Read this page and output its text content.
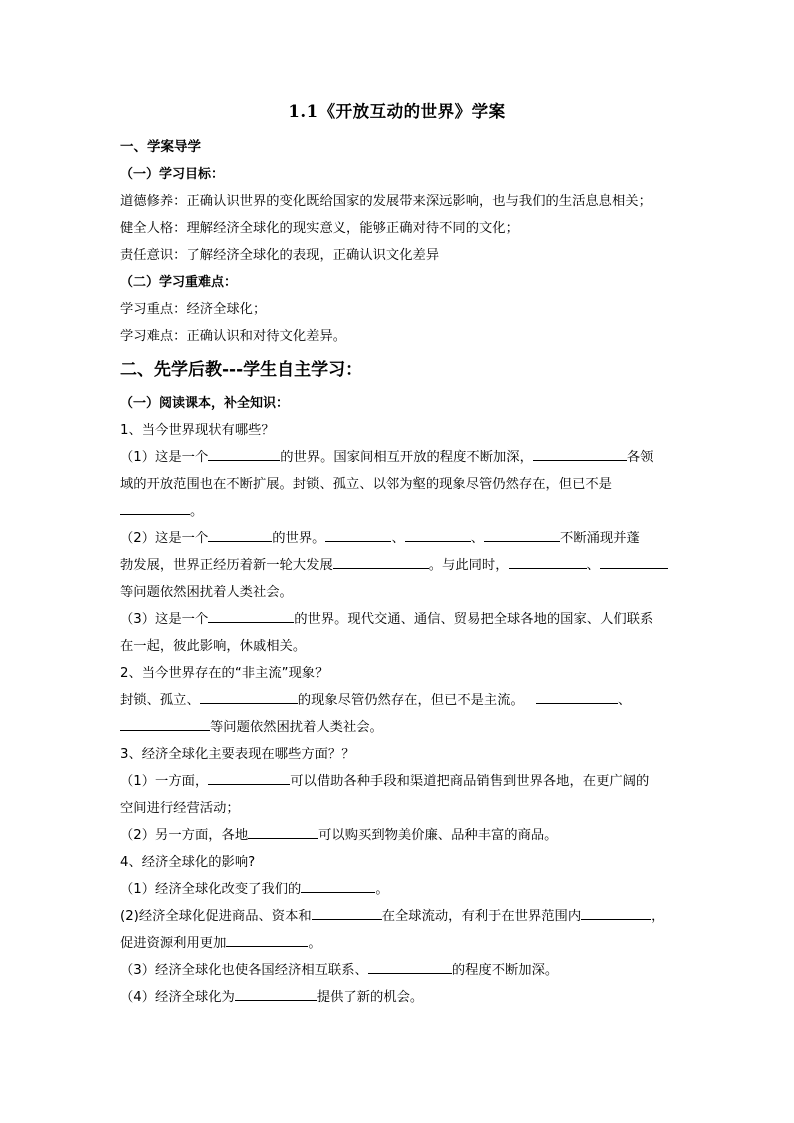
1.1《开放互动的世界》学案
一、学案导学
（一）学习目标：
道德修养：正确认识世界的变化既给国家的发展带来深远影响，也与我们的生活息息相关；
健全人格：理解经济全球化的现实意义，能够正确对待不同的文化；
责任意识：了解经济全球化的表现，正确认识文化差异
（二）学习重难点：
学习重点：经济全球化；
学习难点：正确认识和对待文化差异。
二、先学后教---学生自主学习：
（一）阅读课本，补全知识：
1、当今世界现状有哪些？
（1）这是一个	的世界。国家间相互开放的程度不断加深，	各领
域的开放范围也在不断扩展。封锁、孤立、以邻为壑的现象尽管仍然存在，但已不是
。
（2）这是一个	的世界。	、	、	不断涌现并蓬
勃发展，世界正经历着新一轮大发展	。与此同时，	、
等问题依然困扰着人类社会。
（3）这是一个	的世界。现代交通、通信、贸易把全球各地的国家、人们联系
在一起，彼此影响，休戚相关。
2、当今世界存在的“非主流”现象？
封锁、孤立、	的现象尽管仍然存在，但已不是主流。	、
等问题依然困扰着人类社会。
3、经济全球化主要表现在哪些方面？？
（1）一方面，	可以借助各种手段和渠道把商品销售到世界各地，在更广阔的
空间进行经营活动；
（2）另一方面，各地	可以购买到物美价廉、品种丰富的商品。
4、经济全球化的影响?
（1）经济全球化改变了我们的	。
(2)经济全球化促进商品、资本和	在全球流动，有利于在世界范围内	，
促进资源利用更加	。
（3）经济全球化也使各国经济相互联系、	的程度不断加深。
（4）经济全球化为	提供了新的机会。
